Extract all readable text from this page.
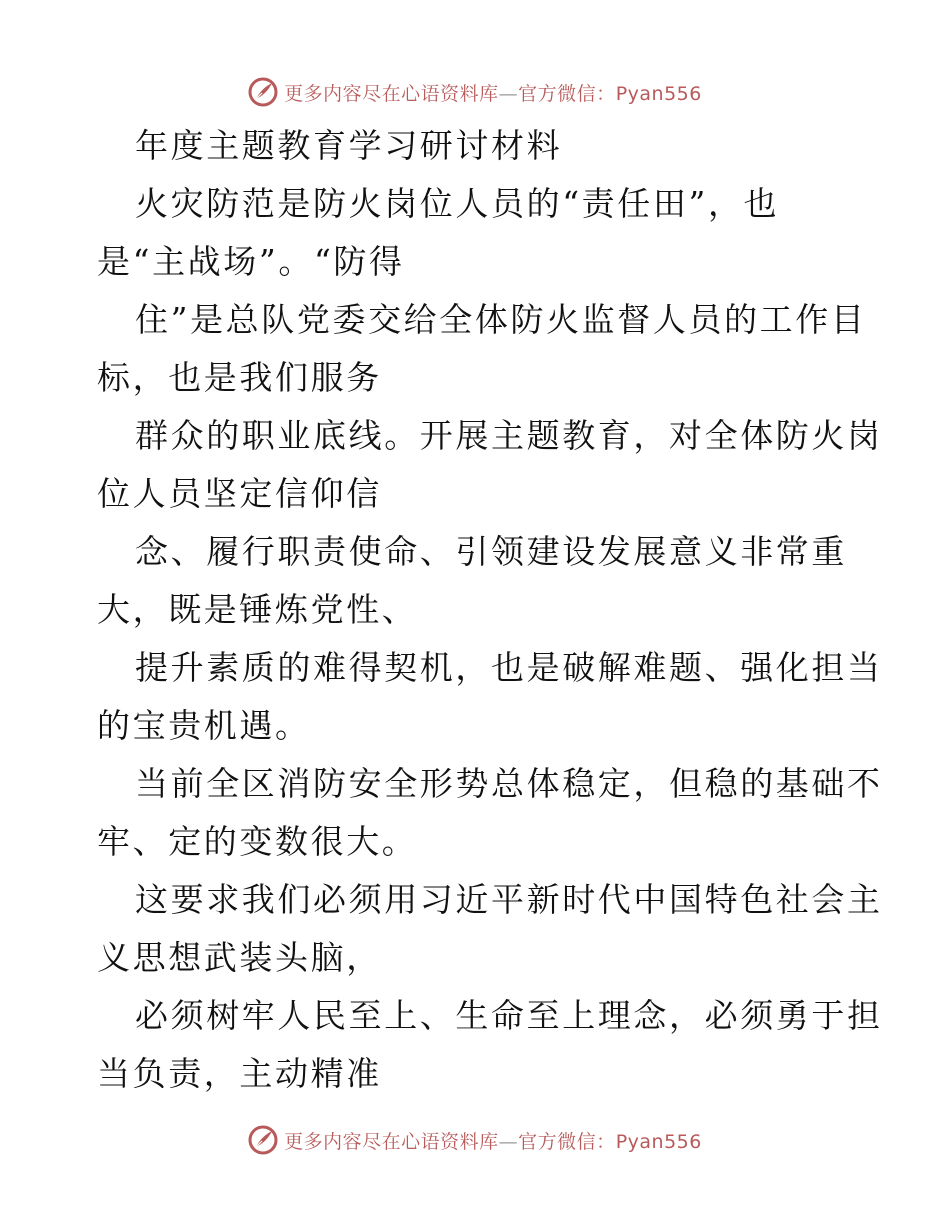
更多内容尽在心语资料库—官方微信：Pyan556
年度主题教育学习研讨材料
火灾防范是防火岗位人员的“责任田”，也
是“主战场”。“防得
住”是总队党委交给全体防火监督人员的工作目
标，也是我们服务
群众的职业底线。开展主题教育，对全体防火岗
位人员坚定信仰信
念、履行职责使命、引领建设发展意义非常重
大，既是锤炼党性、
提升素质的难得契机，也是破解难题、强化担当
的宝贵机遇。
当前全区消防安全形势总体稳定，但稳的基础不
牢、定的变数很大。
这要求我们必须用习近平新时代中国特色社会主
义思想武装头脑，
必须树牢人民至上、生命至上理念，必须勇于担
当负责，主动精准
更多内容尽在心语资料库—官方微信：Pyan556
